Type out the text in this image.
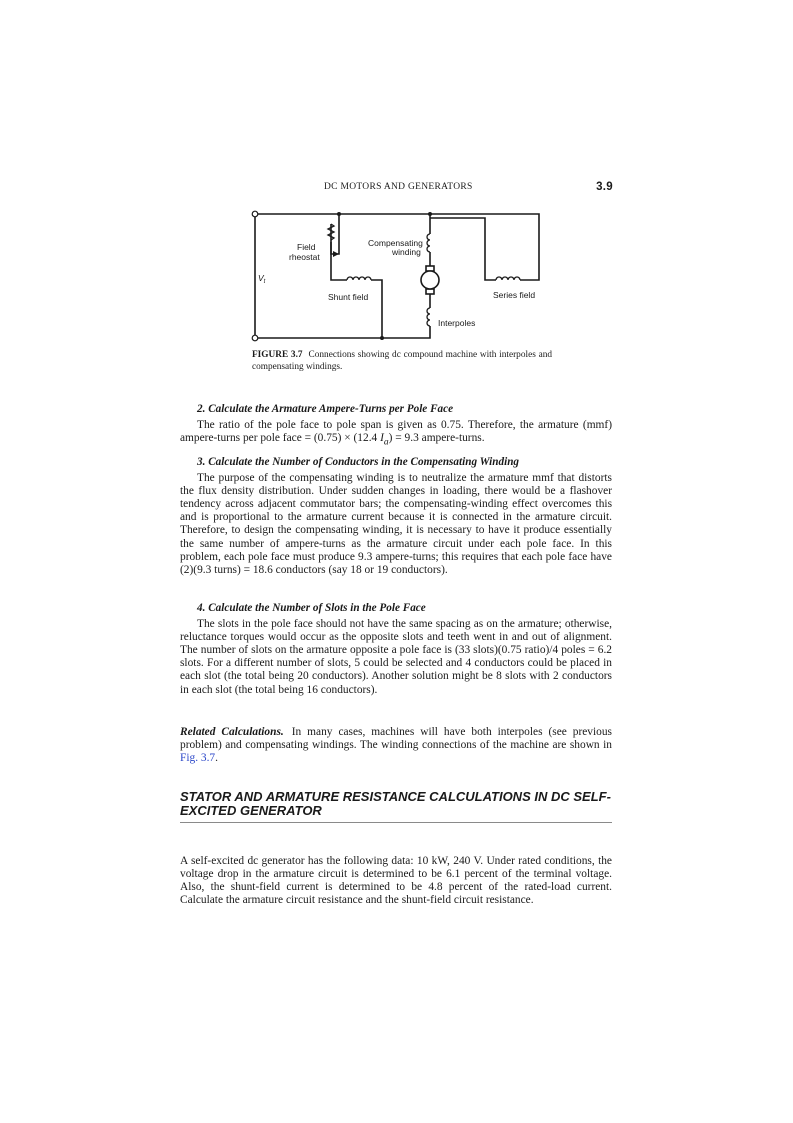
DC MOTORS AND GENERATORS	3.9
Field
rheostat
Compensating
winding
$V_t$
Shunt field	Series field
Interpoles
FIGURE 3.7 Connections showing dc compound machine with interpoles and compensating windings.
2. Calculate the Armature Ampere-Turns per Pole Face

The ratio of the pole face to pole span is given as 0.75. Therefore, the armature (mmf) ampere-turns per pole face = (0.75) × (12.4 $I_a) = 9.3$ ampere-turns.

3. Calculate the Number of Conductors in the Compensating Winding

The purpose of the compensating winding is to neutralize the armature mmf that distorts the flux density distribution. Under sudden changes in loading, there would be a flashover tendency across adjacent commutator bars; the compensating-winding effect overcomes this and is proportional to the armature current because it is connected in the armature circuit. Therefore, to design the compensating winding, it is necessary to have it produce essentially the same number of ampere-turns as the armature circuit under each pole face. In this problem, each pole face must produce 9.3 ampere-turns; this requires that each pole face have (2)(9.3 turns) = 18.6 conductors (say 18 or 19 conductors).

4. Calculate the Number of Slots in the Pole Face

The slots in the pole face should not have the same spacing as on the armature; otherwise, reluctance torques would occur as the opposite slots and teeth went in and out of alignment. The number of slots on the armature opposite a pole face is (33 slots)(0.75 ratio)/4 poles = 6.2 slots. For a different number of slots, 5 could be selected and 4 conductors could be placed in each slot (the total being 20 conductors). Another solution might be 8 slots with 2 conductors in each slot (the total being 16 conductors).

Related Calculations. In many cases, machines will have both interpoles (see previous problem) and compensating windings. The winding connections of the machine are shown in Fig. 3.7.

STATOR AND ARMATURE RESISTANCE CALCULATIONS IN DC SELF-EXCITED GENERATOR

A self-excited dc generator has the following data: 10 kW, 240 V. Under rated conditions, the voltage drop in the armature circuit is determined to be 6.1 percent of the terminal voltage. Also, the shunt-field current is determined to be 4.8 percent of the rated-load current. Calculate the armature circuit resistance and the shunt-field circuit resistance.
